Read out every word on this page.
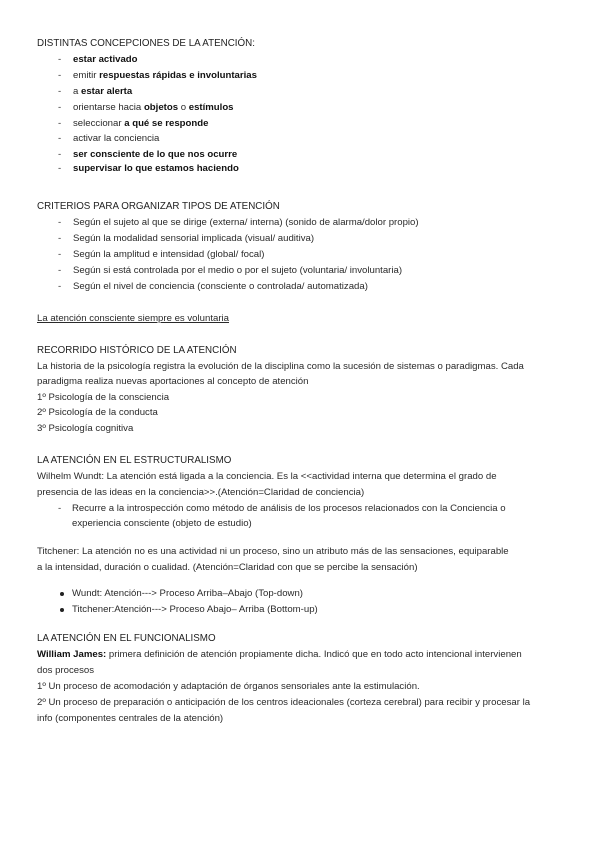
DISTINTAS CONCEPCIONES DE LA ATENCIÓN:
- estar activado
- emitir respuestas rápidas e involuntarias
- a estar alerta
- orientarse hacia objetos o estímulos
- seleccionar a qué se responde
- activar la conciencia
- ser consciente de lo que nos ocurre
- supervisar lo que estamos haciendo
CRITERIOS PARA ORGANIZAR TIPOS DE ATENCIÓN
- Según el sujeto al que se dirige (externa/ interna) (sonido de alarma/dolor propio)
- Según la modalidad sensorial implicada (visual/ auditiva)
- Según la amplitud e intensidad (global/ focal)
- Según si está controlada por el medio o por el sujeto (voluntaria/ involuntaria)
- Según el nivel de conciencia (consciente o controlada/ automatizada)
La atención consciente siempre es voluntaria
RECORRIDO HISTÓRICO DE LA ATENCIÓN
La historia de la psicología registra la evolución de la disciplina como la sucesión de sistemas o paradigmas. Cada
paradigma realiza nuevas aportaciones al concepto de atención
1º Psicología de la consciencia
2º Psicología de la conducta
3º Psicología cognitiva
LA ATENCIÓN EN EL ESTRUCTURALISMO
Wilhelm Wundt: La atención está ligada a la conciencia. Es la <<actividad interna que determina el grado de
presencia de las ideas en la conciencia>>.(Atención=Claridad de conciencia)
- Recurre a la introspección como método de análisis de los procesos relacionados con la Conciencia o
experiencia consciente (objeto de estudio)
Titchener: La atención no es una actividad ni un proceso, sino un atributo más de las sensaciones, equiparable
a la intensidad, duración o cualidad. (Atención=Claridad con que se percibe la sensación)
Wundt: Atención---> Proceso Arriba–Abajo (Top-down)
Titchener:Atención---> Proceso Abajo– Arriba (Bottom-up)
LA ATENCIÓN EN EL FUNCIONALISMO
William James: primera definición de atención propiamente dicha. Indicó que en todo acto intencional intervienen
dos procesos
1º Un proceso de acomodación y adaptación de órganos sensoriales ante la estimulación.
2º Un proceso de preparación o anticipación de los centros ideacionales (corteza cerebral) para recibir y procesar la
info (componentes centrales de la atención)
